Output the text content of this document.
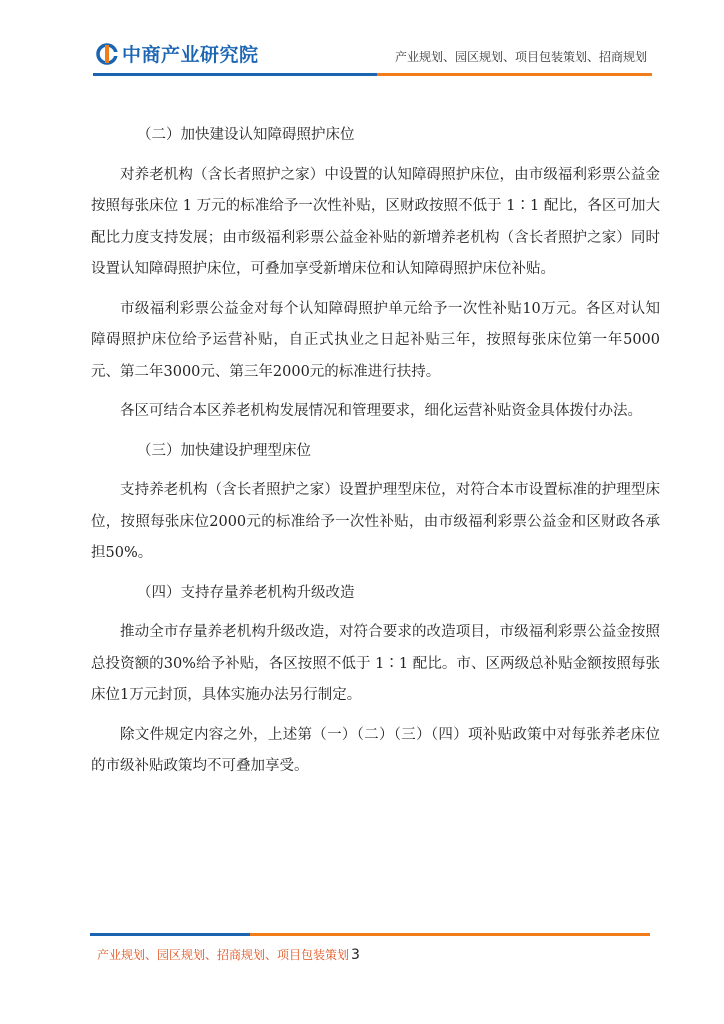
中商产业研究院	产业规划、园区规划、项目包装策划、招商规划

（二）加快建设认知障碍照护床位

对养老机构（含长者照护之家）中设置的认知障碍照护床位，由市级福利彩票公益金按照每张床位 1 万元的标准给予一次性补贴，区财政按照不低于 1∶1 配比，各区可加大配比力度支持发展；由市级福利彩票公益金补贴的新增养老机构（含长者照护之家）同时设置认知障碍照护床位，可叠加享受新增床位和认知障碍照护床位补贴。

市级福利彩票公益金对每个认知障碍照护单元给予一次性补贴10万元。各区对认知障碍照护床位给予运营补贴，自正式执业之日起补贴三年，按照每张床位第一年5000元、第二年3000元、第三年2000元的标准进行扶持。

各区可结合本区养老机构发展情况和管理要求，细化运营补贴资金具体拨付办法。

（三）加快建设护理型床位

支持养老机构（含长者照护之家）设置护理型床位，对符合本市设置标准的护理型床位，按照每张床位2000元的标准给予一次性补贴，由市级福利彩票公益金和区财政各承担50%。

（四）支持存量养老机构升级改造

推动全市存量养老机构升级改造，对符合要求的改造项目，市级福利彩票公益金按照总投资额的30%给予补贴，各区按照不低于 1∶1 配比。市、区两级总补贴金额按照每张床位1万元封顶，具体实施办法另行制定。

除文件规定内容之外，上述第（一）（二）（三）（四）项补贴政策中对每张养老床位的市级补贴政策均不可叠加享受。

产业规划、园区规划、招商规划、项目包装策划 3
